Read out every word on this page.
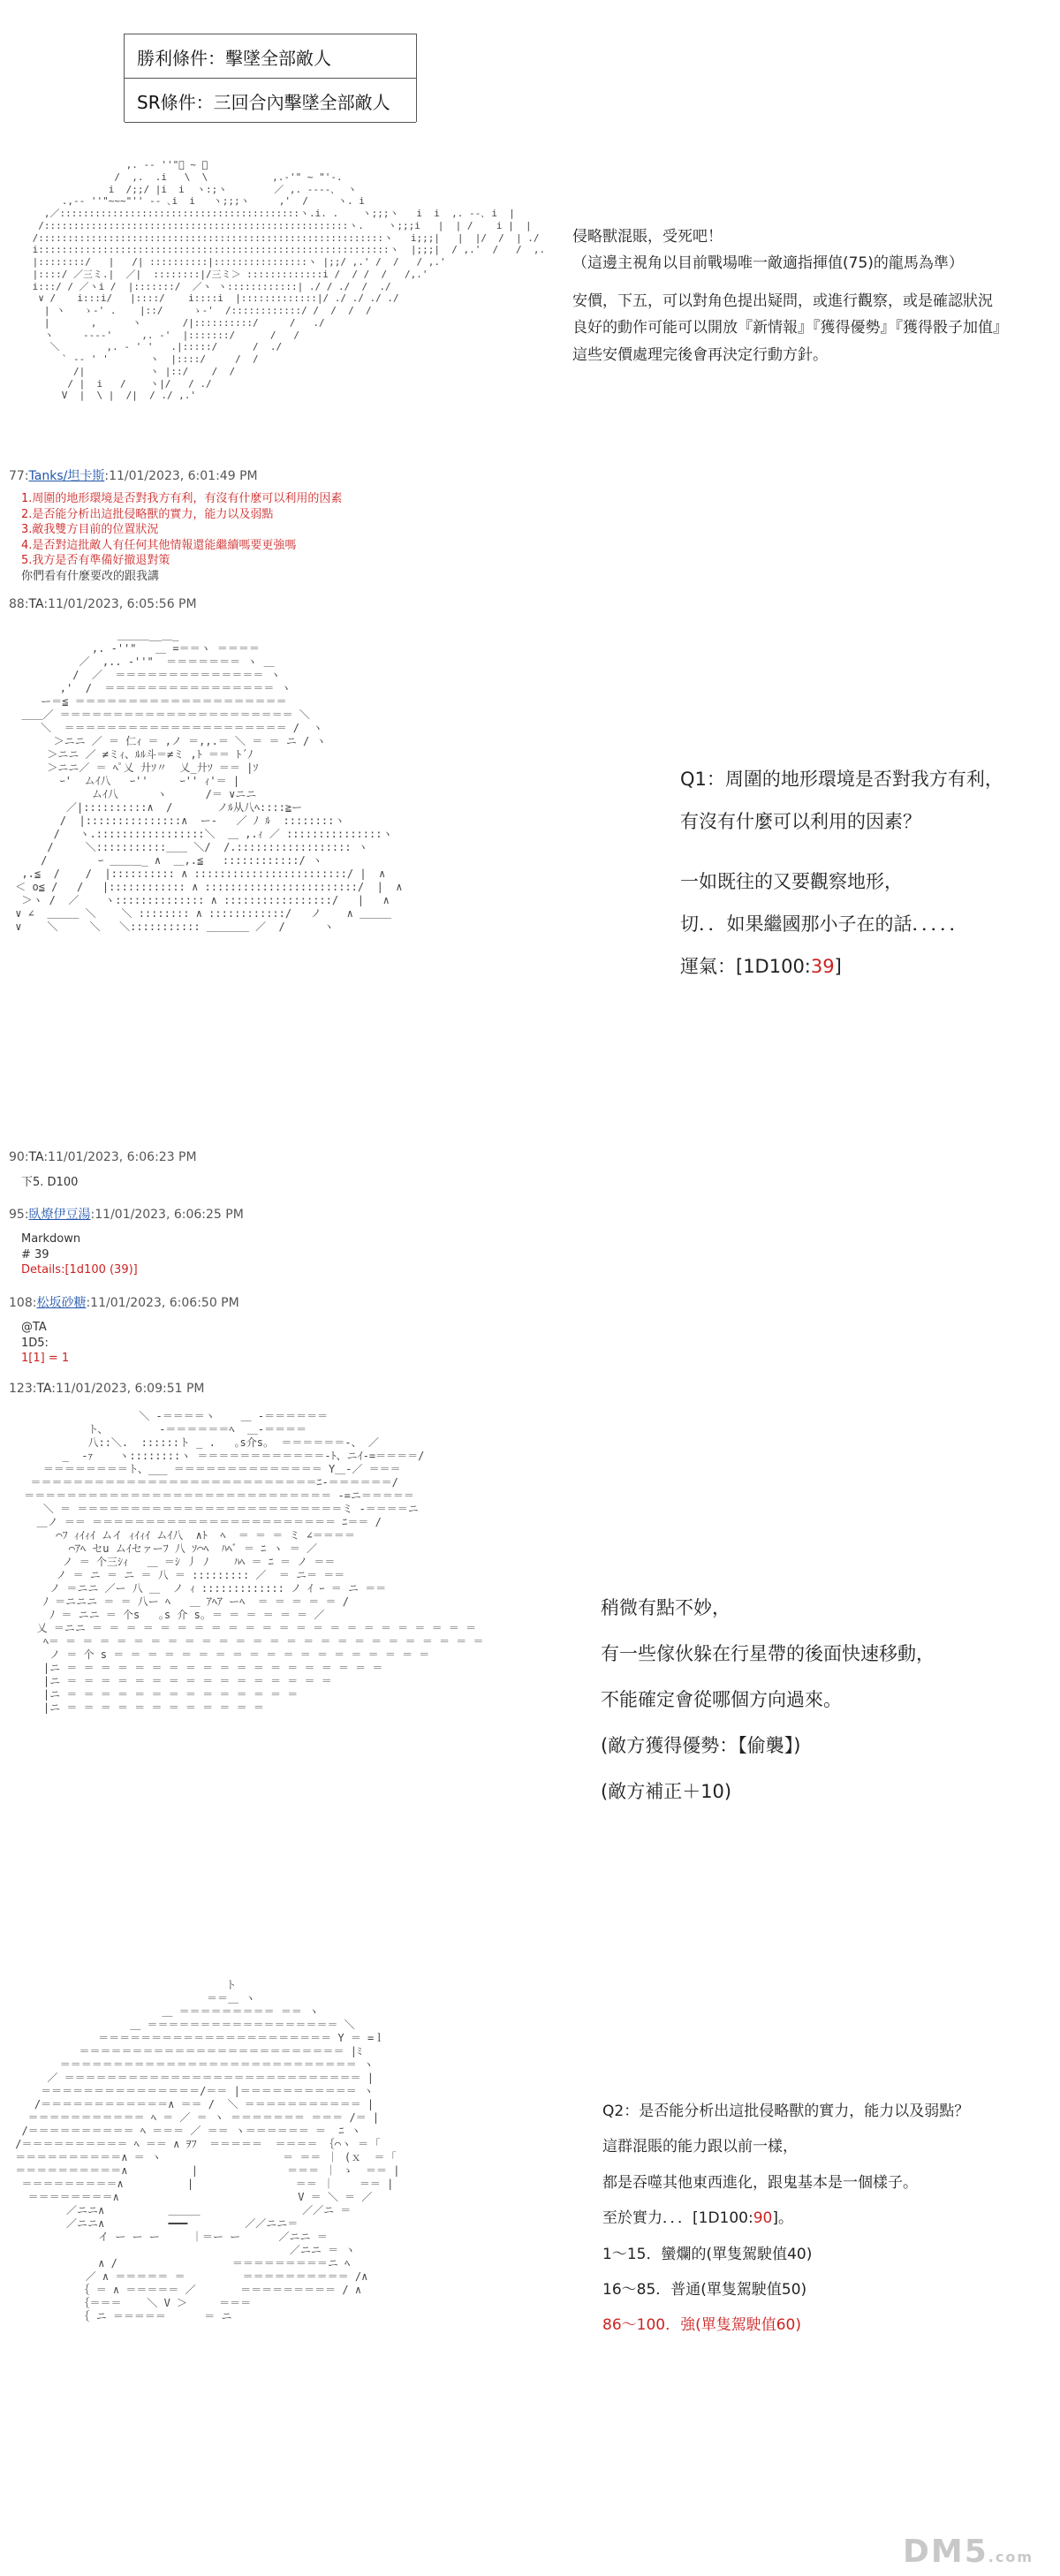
勝利條件：擊墜全部敵人
SR條件：三回合內擊墜全部敵人
,. -‐ ''"ﾞ ~ ､
/  ,.  .i   \  \           ,.-'" ~ "'‐.
i  /;;/ |i  i  ヽ:;ヽ        ／ ,. -‐‐-､  ヽ
.,-‐ ''"~~~"'' ‐- ､i  i   ヽ;;;ヽ     ,'  /     ヽ. i
,／:::::::::::::::::::::::::::::::::::::::::ヽ.i. .    ヽ;;;ヽ   i  i  ,. -‐､ i  |
/::::::::::::::::::::::::::::::::::::::::::::::::::::ヽ.    ヽ;;;i   |  | /    i |  |
/:::::::::::::::::::::::::::::::::::::::::::::::::::::::::::ヽ   i;;;|   |  |/  /  | ./
i::::::::::::::::::::::::::::::::::::::::::::::::::::::::::::ヽ  |;;;|  / ,.'  /   /  ,.
|::::::::/   |   /| ::::::::::|::::::::::::::::ヽ |;;/ ,.' /  /   / ,.'
|::::/ ／三ミ.|  ／|  ::::::::|/三ミ＞ :::::::::::::i /  / /  /   /,.'
i:::/ / ／ヽi /  |:::::::/  ／ヽ ヽ::::::::::::| ./ / ./  /  ./
∨ / 　 i:::i/   |::::/    i::::i  |:::::::::::::|/ ./ ./ ./ ./
| ヽ   ゝ-' .    |::/     ゝ-'  /::::::::::::/ /  /  /  /
|       ,      ヽ       /|::::::::::/ 　　 /   ./
ヽ     ‐--‐'     ,. -'  |:::::::/      /   /
＼        ,. - ' '   .|:::::/      /  ./
` ‐- ' '       ヽ  |::::/     /  /
/|           ヽ |::/    /  /
/ |  i   /    ヽ|/   / ./
V  |  \ |  /|  / ./ ,.'

侵略獸混賬，受死吧！
（這邊主視角以目前戰場唯一敵適指揮值(75)的龍馬為準）
安價，下五，可以對角色提出疑問，或進行觀察，或是確認狀況
良好的動作可能可以開放『新情報』『獲得優勢』『獲得骰子加值』
這些安價處理完後會再決定行動方針。
77:Tanks/坦卡斯:11/01/2023, 6:01:49 PM
1.周圍的地形環境是否對我方有利，有沒有什麼可以利用的因素
2.是否能分析出這批侵略獸的實力，能力以及弱點
3.敵我雙方目前的位置狀況
4.是否對這批敵人有任何其他情報還能繼續嗎要更強嗎
5.我方是否有準備好撤退對策
你們看有什麼要改的跟我講
88:TA:11/01/2023, 6:05:56 PM
＿＿＿__＿_
,. ‐''"   ＿ =＝＝ヽ ＝＝＝＝
／  ,.. ‐''"  ＝＝＝＝＝＝＝ ヽ ＿
/  ／  ＝＝＝＝＝＝＝＝＝＝＝＝＝＝ ヽ
,'  /  ＝＝＝＝＝＝＝＝＝＝＝＝＝＝＝＝ ヽ
ー＝≦ ＝＝＝＝＝＝＝＝＝＝＝＝＝＝＝＝＝＝＝＝
＿＿／ ＝＝＝＝＝＝＝＝＝＝＝＝＝＝＝＝＝＝＝＝＝＝ ＼
＼  ＝＝＝＝＝＝＝＝＝＝＝＝＝＝＝＝＝＝＝＝＝ /  ヽ
＞ニニ ／ ＝ 仁ｨ ＝ ,ノ ＝,,.＝ ＼ ＝ ＝ ニ / ヽ
＞ニニ ／ ≠ミｨ、ﾙﾙ斗＝≠ミ ,ﾄ ＝＝ ﾄ´ﾉ
＞ニニ／ ＝ ﾍﾟ乂 廾ｿ〃  乂_廾ｿ ＝＝ |ｿ
ｰ'  ムｲ八   ｰ''     ｰ'' ｨ'＝ |
ムｲ八      ヽ      /＝ ∨ニニ
／|::::::::::∧  /       ノﾙ从八ﾍ::::≧ー
/  |:::::::::::::::∧  ー‐   ／ ﾉ ﾙ  ::::::::ヽ
/   ヽ.:::::::::::::::::＼  ＿ ,.ｨ ／ :::::::::::::::ヽ
/     ＼:::::::::::＿＿ ＼/  /.:::::::::::::::::: ヽ
/        ｰ ＿＿＿_ ∧  ＿,.≦   ::::::::::::/ ヽ
,.≦  /    /  |:::::::::: ∧ ::::::::::::::::::::::::/ |  ∧
＜ o≦ /   /   |:::::::::::: ∧ ::::::::::::::::::::::::/  |  ∧
＞ヽ /  ／    ヽ:::::::::::::: ∧ :::::::::::::::::/   |   ∧
∨ ∠  ＿＿＿ ＼    ＼ :::::::: ∧ ::::::::::::/   ノ    ∧ ＿＿＿
∨    ＼     ＼   ＼::::::::::: ＿＿＿＿ ／  /      ヽ

Q1：周圍的地形環境是否對我方有利，
有沒有什麼可以利用的因素？
一如既往的又要觀察地形，
切．．如果繼國那小子在的話．．．．．
運氣：[1D100:39]
90:TA:11/01/2023, 6:06:23 PM
下5. D100
95:臥燎伊豆湯:11/01/2023, 6:06:25 PM
Markdown
# 39
Details:[1d100 (39)]
108:松坂砂糖:11/01/2023, 6:06:50 PM
@TA
1D5:
1[1] = 1
123:TA:11/01/2023, 6:09:51 PM
＼ -＝＝＝＝ヽ    ＿ -＝＝＝＝＝＝
ト、        -＝＝＝＝＝＝ﾍ  ＿-＝＝＝＝
八::＼.  ::::::ト _ .   ｡s介s｡  ＝＝＝＝＝＝-、 ／
_  -ｧ    ヽ::::::::ヽ ＝＝＝＝＝＝＝＝＝＝＝＝-ﾄ、ニｲ-=＝＝＝＝/
＝＝＝＝＝＝＝＝ト、___ ＝＝＝＝＝＝＝＝＝＝＝＝＝＝ Y＿-／ ＝＝＝
＝＝＝＝＝＝＝＝＝＝＝＝＝＝＝＝＝＝＝＝＝＝＝＝＝＝＝ﾆ-＝＝＝＝＝＝/
＝＝＝＝＝＝＝＝＝＝＝＝＝＝＝＝＝＝＝＝＝＝＝＝＝＝＝＝＝ -=ニ＝＝＝＝＝
＼ ＝ ＝＝＝＝＝＝＝＝＝＝＝＝＝＝＝＝＝＝＝＝＝＝＝＝＝ミ -＝＝＝＝ニ
＿ノ ＝＝ ＝＝＝＝＝＝＝＝＝＝＝＝＝＝＝＝＝＝＝＝＝＝＝ ﾆ＝＝ /
⌒ﾌ ｨｲｨｲ ムイ ｨｲｨｲ ムｲ八  ∧ﾄ  ﾍ  ＝ ＝ ＝ ミ ∠＝＝＝＝
⌒ｱﾍ セu ムｲセァーﾌ 八 ｿ⌒ﾍ  ﾊﾍﾞ ＝ ﾆ ヽ ＝ ／
ノ ＝ 个三ｼｨ   ＿ ＝ｼ 丿 ﾉ    ﾊﾍ ＝ ﾆ ＝ ノ ＝＝
ノ ＝ ニ ＝ ニ ＝ 八 ＝ ::::::::: ／  ＝ ニ＝ ＝＝
ノ ＝ニニ ／ー 八 ＿  ノ ｨ ::::::::::::: ノ ｲ ｰ ＝ ニ ＝＝
ﾉ ＝ニニニ ＝ ＝ 八ー ﾍ   ＿ ｱﾍｱ ーﾍ  ＝ ＝ ＝ ＝ ＝ /
ﾉ ＝ ニニ ＝ 个s   ｡s 介 s｡ ＝ ＝ ＝ ＝ ＝ ＝ ／
乂 ＝ニニ ＝ ＝ ＝ ＝ ＝ ＝ ＝ ＝ ＝ ＝ ＝ ＝ ＝ ＝ ＝ ＝ ＝ ＝ ＝ ＝ ＝ ＝ ＝
ﾍ＝ ＝ ＝ ＝ ＝ ＝ ＝ ＝ ＝ ＝ ＝ ＝ ＝ ＝ ＝ ＝ ＝ ＝ ＝ ＝ ＝ ＝ ＝ ＝ ＝ ＝
ノ ＝ 个 s ＝ ＝ ＝ ＝ ＝ ＝ ＝ ＝ ＝ ＝ ＝ ＝ ＝ ＝ ＝ ＝ ＝ ＝ ＝
|ニ ＝ ＝ ＝ ＝ ＝ ＝ ＝ ＝ ＝ ＝ ＝ ＝ ＝ ＝ ＝ ＝ ＝ ＝ ＝
|ニ ＝ ＝ ＝ ＝ ＝ ＝ ＝ ＝ ＝ ＝ ＝ ＝ ＝ ＝ ＝ ＝
|ニ ＝ ＝ ＝ ＝ ＝ ＝ ＝ ＝ ＝ ＝ ＝ ＝ ＝ ＝
|ニ ＝ ＝ ＝ ＝ ＝ ＝ ＝ ＝ ＝ ＝ ＝ ＝

稍微有點不妙，
有一些傢伙躲在行星帶的後面快速移動，
不能確定會從哪個方向過來。
(敵方獲得優勢：【偷襲】)
(敵方補正＋10)
ト
＝＝＿ ヽ
＿ ＝＝＝＝＝＝＝＝＝ ＝＝ ヽ
＿ ＝＝＝＝＝＝＝＝＝＝＝＝＝＝＝＝＝＝ ＼
＝＝＝＝＝＝＝＝＝＝＝＝＝＝＝＝＝＝＝＝＝＝ Y ＝ =ｌ
＝＝＝＝＝＝＝＝＝＝＝＝＝＝＝＝＝＝＝＝＝＝＝＝＝ |ﾐ
＝＝＝＝＝＝＝＝＝＝＝＝＝＝＝＝＝＝＝＝＝＝＝＝＝＝＝＝ ヽ
／ ＝＝＝＝＝＝＝＝＝＝＝＝＝＝＝＝＝＝＝＝＝＝＝＝＝＝＝＝ |
＝＝＝＝＝＝＝＝＝＝＝＝＝＝＝/＝＝ |＝＝＝＝＝＝＝＝＝＝＝ ヽ
/＝＝＝＝＝＝＝＝＝＝＝＝∧ ＝＝ /  ＼ ＝＝＝＝＝＝＝＝＝＝＝ |
＝＝＝＝＝＝＝＝＝＝＝ ﾍ ＝ ／ ＝ ヽ ＝＝＝＝＝＝＝ ＝＝＝ /＝ |
/＝＝＝＝＝＝＝＝＝＝ ﾍ ＝＝＝ ／ ＝＝ ヽ＝＝＝＝＝＝ ＝  ﾆ ヽ
/＝＝＝＝＝＝＝＝＝＝ ﾍ ＝＝ ∧ ｦﾌ  ＝＝＝＝＝  ＝＝＝＝ ｛⌒ヽ ＝ ｢
＝＝＝＝＝＝＝＝＝＝∧ ＝ ヽ                   ＝ ＝＝ ｜ (ｘ  ＝ ｢
＝＝＝＝＝＝＝＝＝＝∧          |              ＝＝＝ ｜ ゝ  ＝＝ |
＝＝＝＝＝＝＝＝＝∧          |                ＝＝ ｜    ＝＝ |
＝＝＝＝＝＝＝＝∧                            V ＝ ＼ ＝ ／
／ニニ∧          ＿＿＿                ／／ニ ＝
／ニニ∧          ━━━         ／／ニニ＝
イ ー ー ー     ｜＝ー ー      ／ニニ ＝
／ニニ ＝ ヽ
∧ /                  ＝＝＝＝＝＝＝＝＝ニ ﾍ
／ ∧ ＝＝＝＝＝ ＝         ＝＝＝＝＝＝＝＝＝＝ /∧
｛ ＝ ∧ ＝＝＝＝＝ ／       ＝＝＝＝＝＝＝＝＝ / ∧
｛＝＝＝    ＼ V ＞     ＝＝＝
｛ ニ ＝＝＝＝＝      ＝ ニ

Q2：是否能分析出這批侵略獸的實力，能力以及弱點？
這群混賬的能力跟以前一樣，
都是吞噬其他東西進化，跟鬼基本是一個樣子。
至於實力．．．[1D100:90]。
1～15．蠻爛的(單隻駕駛值40)
16～85．普通(單隻駕駛值50)
86～100．強(單隻駕駛值60)
DM5.com
